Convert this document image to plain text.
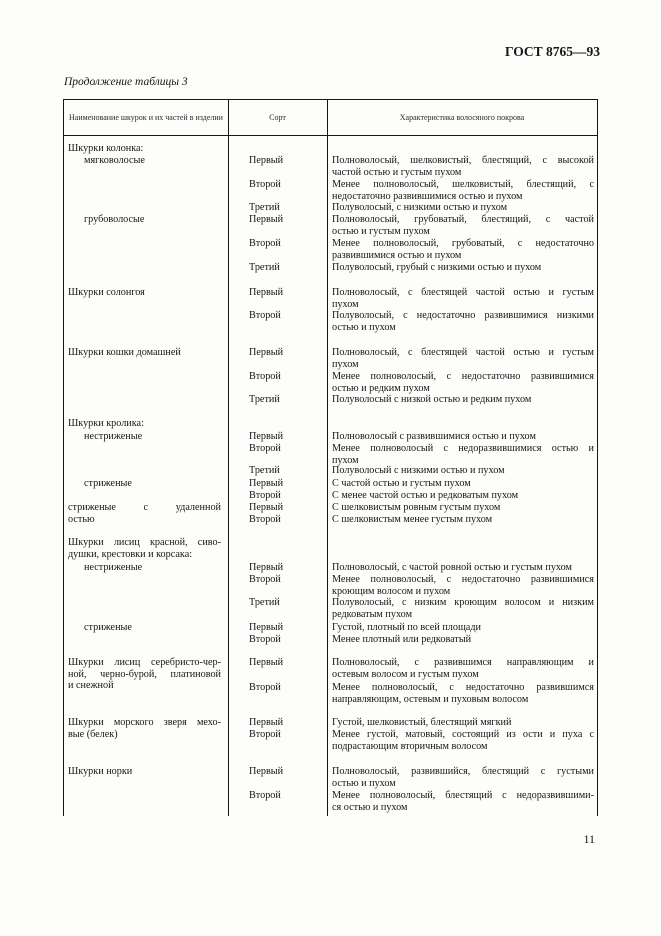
ГОСТ 8765—93
Продолжение таблицы 3
Наименование шкурок и их частей в изделии	Сорт	Характеристика волосяного покрова
Шкурки колонка:
мягковолосые	Первый	Полноволосый, шелковистый, блестящий, с высокой
частой остью и густым пухом
Второй	Менее полноволосый, шелковистый, блестящий, с
недостаточно развившимися остью и пухом
Третий	Полуволосый, с низкими остью и пухом
грубоволосые	Первый	Полноволосый, грубоватый, блестящий, с частой
остью и густым пухом
Второй	Менее полноволосый, грубоватый, с недостаточно
развившимися остью и пухом
Третий	Полуволосый, грубый с низкими остью и пухом
Шкурки солонгоя	Первый	Полноволосый, с блестящей частой остью и густым
пухом
Второй	Полуволосый, с недостаточно развившимися низкими
остью и пухом
Шкурки кошки домашней	Первый	Полноволосый, с блестящей частой остью и густым
пухом
Второй	Менее полноволосый, с недостаточно развившимися
остью и редким пухом
Третий	Полуволосый с низкой остью и редким пухом
Шкурки кролика:
нестриженые	Первый	Полноволосый с развившимися остью и пухом
Второй	Менее полноволосый с недоразвившимися остью и
пухом
Третий	Полуволосый с низкими остью и пухом
стриженые	Первый	С частой остью и густым пухом
Второй	С менее частой остью и редковатым пухом
стриженые с удаленной
остью
Первый	С шелковистым ровным густым пухом
Второй	С шелковистым менее густым пухом
Шкурки лисиц красной, сиво-
душки, крестовки и корсака:
нестриженые	Первый	Полноволосый, с частой ровной остью и густым пухом
Второй	Менее полноволосый, с недостаточно развившимися
кроющим волосом и пухом
Третий	Полуволосый, с низким кроющим волосом и низким
редковатым пухом
стриженые	Первый	Густой, плотный по всей площади
Второй	Менее плотный или редковатый
Шкурки лисиц серебристо-чер-
ной, черно-бурой, платиновой
и снежной
Первый	Полноволосый, с развившимся направляющим и
остевым волосом и густым пухом
Второй	Менее полноволосый, с недостаточно развившимся
направляющим, остевым и пуховым волосом
Шкурки морского зверя мехо-
вые (белек)
Первый	Густой, шелковистый, блестящий мягкий
Второй	Менее густой, матовый, состоящий из ости и пуха с
подрастающим вторичным волосом
Шкурки норки	Первый	Полноволосый, развившийся, блестящий с густыми
остью и пухом
Второй	Менее полноволосый, блестящий с недоразвившими-
ся остью и пухом
11
